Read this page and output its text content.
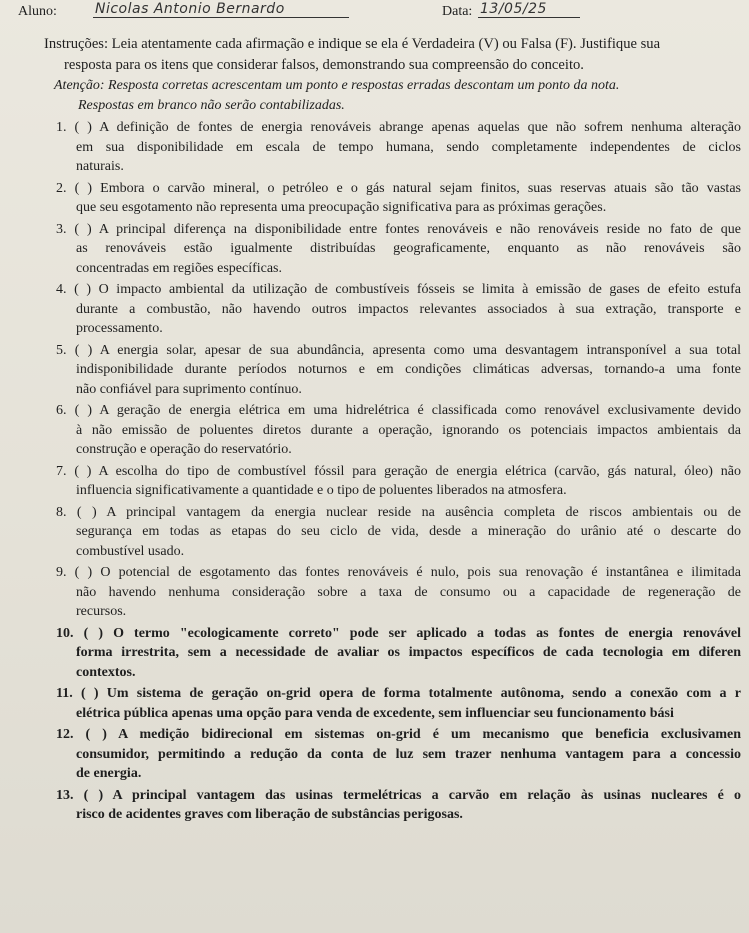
Aluno:	Nicolas Antonio Bernardo	Data: 13/05/25
Instruções: Leia atentamente cada afirmação e indique se ela é Verdadeira (V) ou Falsa (F). Justifique sua
resposta para os itens que considerar falsos, demonstrando sua compreensão do conceito.
Atenção: Resposta corretas acrescentam um ponto e respostas erradas descontam um ponto da nota.
Respostas em branco não serão contabilizadas.
1. ( ) A definição de fontes de energia renováveis abrange apenas aquelas que não sofrem nenhuma alteração
em sua disponibilidade em escala de tempo humana, sendo completamente independentes de ciclos
naturais.
2. ( ) Embora o carvão mineral, o petróleo e o gás natural sejam finitos, suas reservas atuais são tão vastas
que seu esgotamento não representa uma preocupação significativa para as próximas gerações.
3. ( ) A principal diferença na disponibilidade entre fontes renováveis e não renováveis reside no fato de que
as renováveis estão igualmente distribuídas geograficamente, enquanto as não renováveis são
concentradas em regiões específicas.
4. ( ) O impacto ambiental da utilização de combustíveis fósseis se limita à emissão de gases de efeito estufa
durante a combustão, não havendo outros impactos relevantes associados à sua extração, transporte e
processamento.
5. ( ) A energia solar, apesar de sua abundância, apresenta como uma desvantagem intransponível a sua total
indisponibilidade durante períodos noturnos e em condições climáticas adversas, tornando-a uma fonte
não confiável para suprimento contínuo.
6. ( ) A geração de energia elétrica em uma hidrelétrica é classificada como renovável exclusivamente devido
à não emissão de poluentes diretos durante a operação, ignorando os potenciais impactos ambientais da
construção e operação do reservatório.
7. ( ) A escolha do tipo de combustível fóssil para geração de energia elétrica (carvão, gás natural, óleo) não
influencia significativamente a quantidade e o tipo de poluentes liberados na atmosfera.
8. ( ) A principal vantagem da energia nuclear reside na ausência completa de riscos ambientais ou de
segurança em todas as etapas do seu ciclo de vida, desde a mineração do urânio até o descarte do
combustível usado.
9. ( ) O potencial de esgotamento das fontes renováveis é nulo, pois sua renovação é instantânea e ilimitada
não havendo nenhuma consideração sobre a taxa de consumo ou a capacidade de regeneração de
recursos.
10. ( ) O termo "ecologicamente correto" pode ser aplicado a todas as fontes de energia renovável
forma irrestrita, sem a necessidade de avaliar os impactos específicos de cada tecnologia em diferen
contextos.
11. ( ) Um sistema de geração on-grid opera de forma totalmente autônoma, sendo a conexão com a r
elétrica pública apenas uma opção para venda de excedente, sem influenciar seu funcionamento bási
12. ( ) A medição bidirecional em sistemas on-grid é um mecanismo que beneficia exclusivamen
consumidor, permitindo a redução da conta de luz sem trazer nenhuma vantagem para a concessio
de energia.
13. ( ) A principal vantagem das usinas termelétricas a carvão em relação às usinas nucleares é o
risco de acidentes graves com liberação de substâncias perigosas.
